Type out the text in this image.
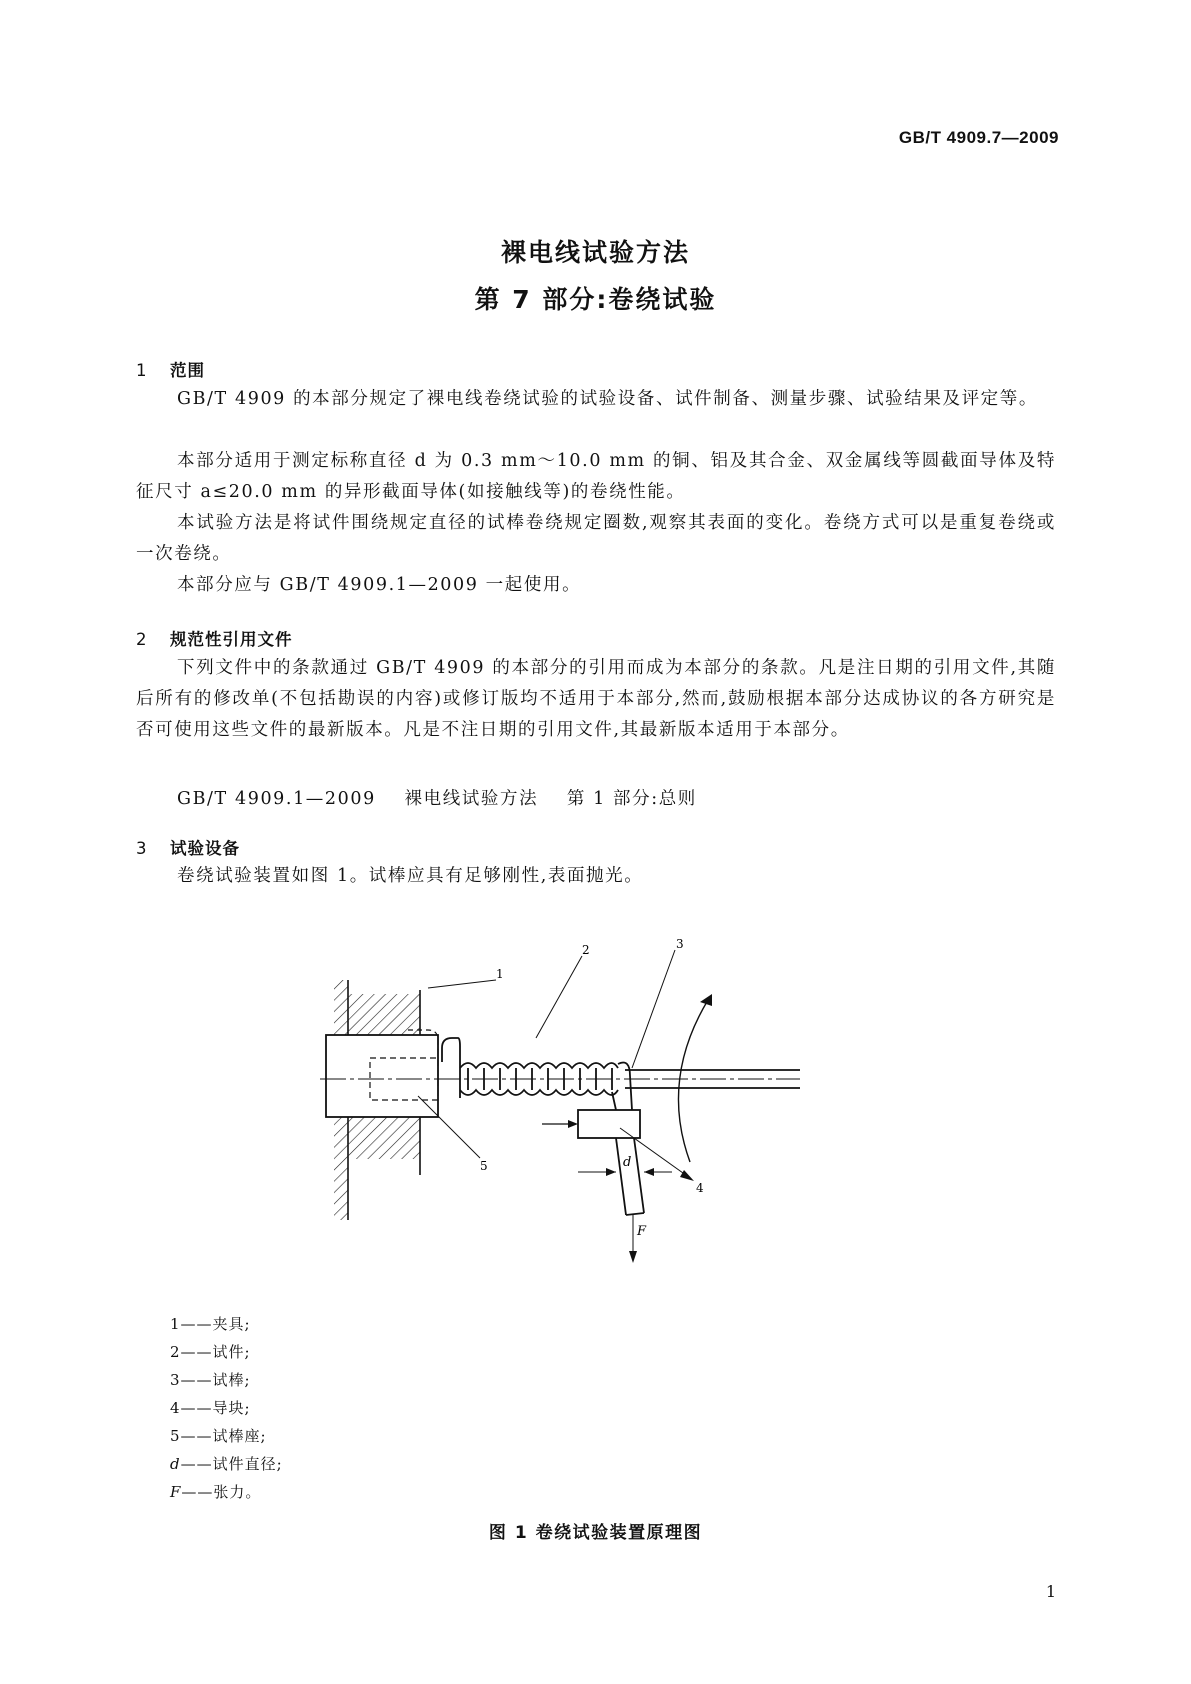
GB/T 4909.7—2009
裸电线试验方法
第 7 部分:卷绕试验
1 范围

GB/T 4909 的本部分规定了裸电线卷绕试验的试验设备、试件制备、测量步骤、试验结果及评定等。

本部分适用于测定标称直径 d 为 0.3 mm～10.0 mm 的铜、铝及其合金、双金属线等圆截面导体及特征尺寸 a≤20.0 mm 的异形截面导体(如接触线等)的卷绕性能。

本试验方法是将试件围绕规定直径的试棒卷绕规定圈数,观察其表面的变化。卷绕方式可以是重复卷绕或一次卷绕。

本部分应与 GB/T 4909.1—2009 一起使用。

2 规范性引用文件

下列文件中的条款通过 GB/T 4909 的本部分的引用而成为本部分的条款。凡是注日期的引用文件,其随后所有的修改单(不包括勘误的内容)或修订版均不适用于本部分,然而,鼓励根据本部分达成协议的各方研究是否可使用这些文件的最新版本。凡是不注日期的引用文件,其最新版本适用于本部分。

GB/T 4909.1—2009    裸电线试验方法    第 1 部分:总则
3 试验设备
卷绕试验装置如图 1。试棒应具有足够刚性,表面抛光。
1
2	3
4
5	d
F
1——夹具;
2——试件;
3——试棒;
4——导块;
5——试棒座;
d——试件直径;
F——张力。
图 1 卷绕试验装置原理图
1
